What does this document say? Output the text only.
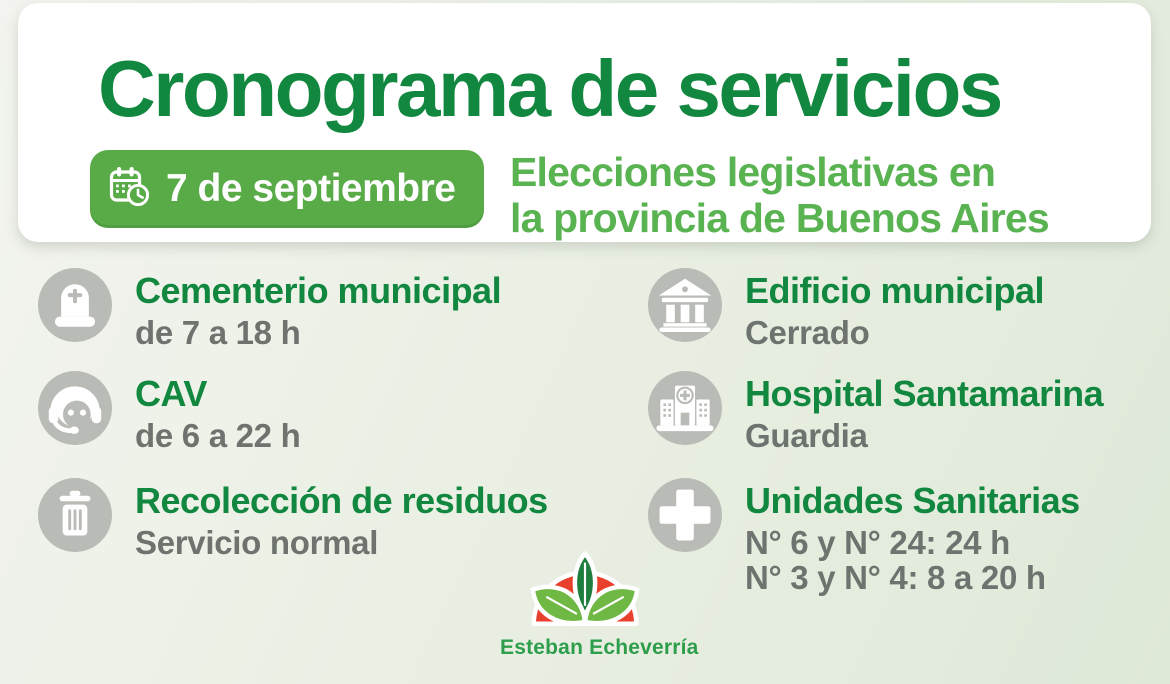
Cronograma de servicios
7 de septiembre Elecciones legislativas en
la provincia de Buenos Aires
Cementerio municipal
de 7 a 18 h
CAV
de 6 a 22 h
Recolección de residuos
Servicio normal
Edificio municipal
Cerrado
Hospital Santamarina
Guardia
Unidades Sanitarias
N° 6 y N° 24: 24 h
N° 3 y N° 4: 8 a 20 h
Esteban Echeverría
